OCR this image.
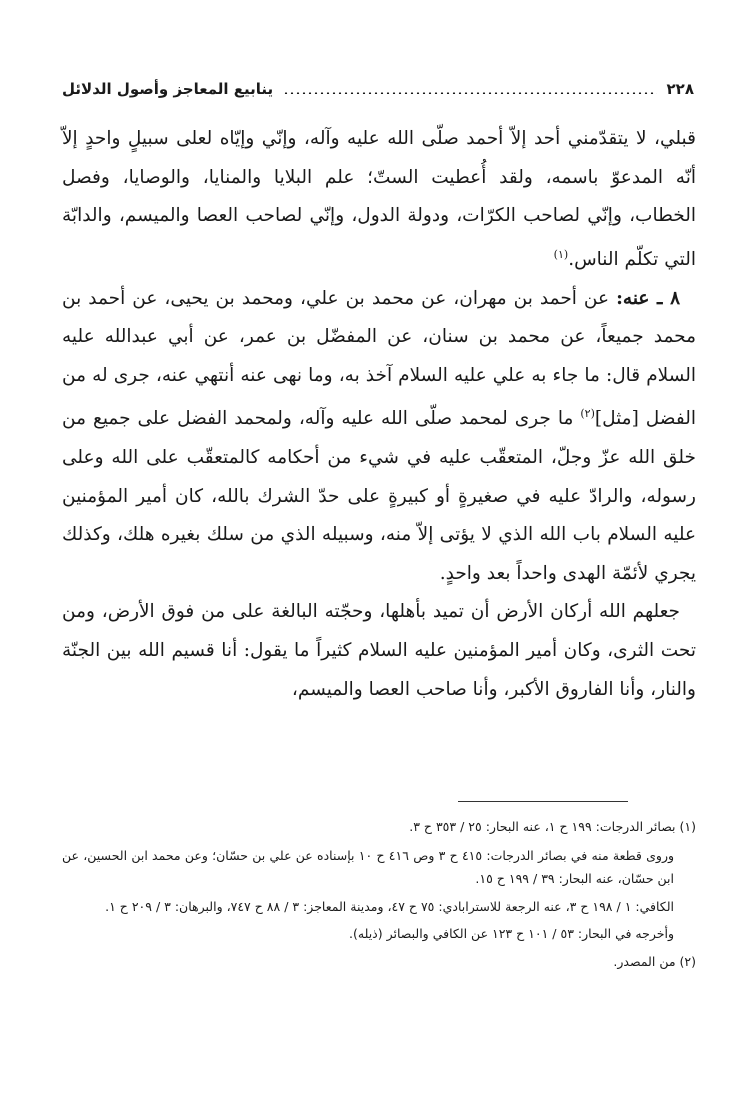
٢٢٨
ينابيع المعاجز وأصول الدلائل

قبلي، لا يتقدّمني أحد إلاّ أحمد صلّى الله عليه وآله، وإنّي وإيّاه لعلى سبيلٍ واحدٍ إلاّ أنّه المدعوّ باسمه، ولقد أُعطيت الستّ؛ علم البلايا والمنايا، والوصايا، وفصل الخطاب، وإنّي لصاحب الكرّات، ودولة الدول، وإنّي لصاحب العصا والميسم، والدابّة التي تكلّم الناس.$^{(١)}$

٨ ـ عنه: عن أحمد بن مهران، عن محمد بن علي، ومحمد بن يحيى، عن أحمد بن محمد جميعاً، عن محمد بن سنان، عن المفضّل بن عمر، عن أبي عبدالله عليه السلام قال: ما جاء به علي عليه السلام آخذ به، وما نهى عنه أنتهي عنه، جرى له من الفضل [مثل]$^{(٢)}$ ما جرى لمحمد صلّى الله عليه وآله، ولمحمد الفضل على جميع من خلق الله عزّ وجلّ، المتعقّب عليه في شيء من أحكامه كالمتعقّب على الله وعلى رسوله، والرادّ عليه في صغيرةٍ أو كبيرةٍ على حدّ الشرك بالله، كان أمير المؤمنين عليه السلام باب الله الذي لا يؤتى إلاّ منه، وسبيله الذي من سلك بغيره هلك، وكذلك يجري لأئمّة الهدى واحداً بعد واحدٍ.

جعلهم الله أركان الأرض أن تميد بأهلها، وحجّته البالغة على من فوق الأرض، ومن تحت الثرى، وكان أمير المؤمنين عليه السلام كثيراً ما يقول: أنا قسيم الله بين الجنّة والنار، وأنا الفاروق الأكبر، وأنا صاحب العصا والميسم،

(١) بصائر الدرجات: ١٩٩ ح ١، عنه البحار: ٢٥ / ٣٥٣ ح ٣.

وروى قطعة منه في بصائر الدرجات: ٤١٥ ح ٣ وص ٤١٦ ح ١٠ بإسناده عن علي بن حسّان؛ وعن محمد ابن الحسين، عن ابن حسّان، عنه البحار: ٣٩ / ١٩٩ ح ١٥.

الكافي: ١ / ١٩٨ ح ٣، عنه الرجعة للاسترابادي: ٧٥ ح ٤٧، ومدينة المعاجز: ٣ / ٨٨ ح ٧٤٧، والبرهان: ٣ / ٢٠٩ ح ١.

وأخرجه في البحار: ٥٣ / ١٠١ ح ١٢٣ عن الكافي والبصائر (ذيله).

(٢) من المصدر.
